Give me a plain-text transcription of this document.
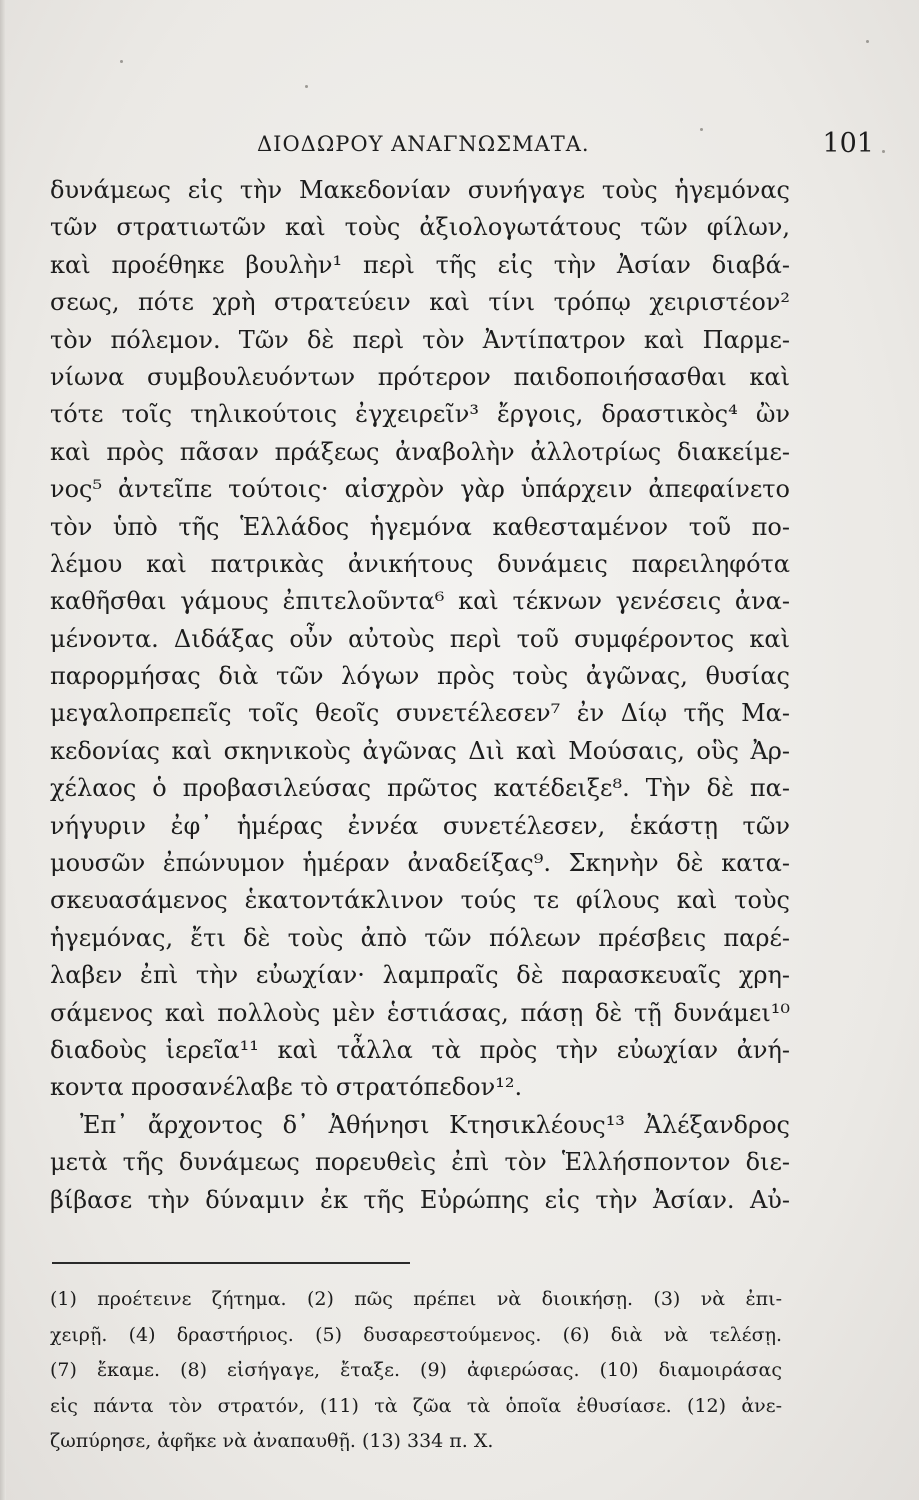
ΔΙΟΔΩΡΟΥ ΑΝΑΓΝΩΣΜΑΤΑ.	101
δυνάμεως εἰς τὴν Μακεδονίαν συνήγαγε τοὺς ἡγεμόνας
τῶν στρατιωτῶν καὶ τοὺς ἀξιολογωτάτους τῶν φίλων,
καὶ προέθηκε βουλὴν¹ περὶ τῆς εἰς τὴν Ἀσίαν διαβά-
σεως, πότε χρὴ στρατεύειν καὶ τίνι τρόπῳ χειριστέον²
τὸν πόλεμον. Τῶν δὲ περὶ τὸν Ἀντίπατρον καὶ Παρμε-
νίωνα συμβουλευόντων πρότερον παιδοποιήσασθαι καὶ
τότε τοῖς τηλικούτοις ἐγχειρεῖν³ ἔργοις, δραστικὸς⁴ ὢν
καὶ πρὸς πᾶσαν πράξεως ἀναβολὴν ἀλλοτρίως διακείμε-
νος⁵ ἀντεῖπε τούτοις· αἰσχρὸν γὰρ ὑπάρχειν ἀπεφαίνετο
τὸν ὑπὸ τῆς Ἑλλάδος ἡγεμόνα καθεσταμένον τοῦ πο-
λέμου καὶ πατρικὰς ἀνικήτους δυνάμεις παρειληφότα
καθῆσθαι γάμους ἐπιτελοῦντα⁶ καὶ τέκνων γενέσεις ἀνα-
μένοντα. Διδάξας οὖν αὐτοὺς περὶ τοῦ συμφέροντος καὶ
παρορμήσας διὰ τῶν λόγων πρὸς τοὺς ἀγῶνας, θυσίας
μεγαλοπρεπεῖς τοῖς θεοῖς συνετέλεσεν⁷ ἐν Δίῳ τῆς Μα-
κεδονίας καὶ σκηνικοὺς ἀγῶνας Διὶ καὶ Μούσαις, οὓς Ἀρ-
χέλαος ὁ προβασιλεύσας πρῶτος κατέδειξε⁸. Τὴν δὲ πα-
νήγυριν ἐφ᾿ ἡμέρας ἐννέα συνετέλεσεν, ἑκάστῃ τῶν
μουσῶν ἐπώνυμον ἡμέραν ἀναδείξας⁹. Σκηνὴν δὲ κατα-
σκευασάμενος ἑκατοντάκλινον τούς τε φίλους καὶ τοὺς
ἡγεμόνας, ἔτι δὲ τοὺς ἀπὸ τῶν πόλεων πρέσβεις παρέ-
λαβεν ἐπὶ τὴν εὐωχίαν· λαμπραῖς δὲ παρασκευαῖς χρη-
σάμενος καὶ πολλοὺς μὲν ἑστιάσας, πάσῃ δὲ τῇ δυνάμει¹⁰
διαδοὺς ἱερεῖα¹¹ καὶ τἆλλα τὰ πρὸς τὴν εὐωχίαν ἀνή-
κοντα προσανέλαβε τὸ στρατόπεδον¹².
Ἐπ᾿ ἄρχοντος δ᾿ Ἀθήνησι Κτησικλέους¹³ Ἀλέξανδρος
μετὰ τῆς δυνάμεως πορευθεὶς ἐπὶ τὸν Ἑλλήσποντον διε-
βίβασε τὴν δύναμιν ἐκ τῆς Εὐρώπης εἰς τὴν Ἀσίαν. Αὐ-
(1) προέτεινε ζήτημα. (2) πῶς πρέπει νὰ διοικήσῃ. (3) νὰ ἐπι-
χειρῇ. (4) δραστήριος. (5) δυσαρεστούμενος. (6) διὰ νὰ τελέσῃ.
(7) ἔκαμε. (8) εἰσήγαγε, ἔταξε. (9) ἀφιερώσας. (10) διαμοιράσας
εἰς πάντα τὸν στρατόν, (11) τὰ ζῶα τὰ ὁποῖα ἐθυσίασε. (12) ἀνε-
ζωπύρησε, ἀφῆκε νὰ ἀναπαυθῇ. (13) 334 π. Χ.
